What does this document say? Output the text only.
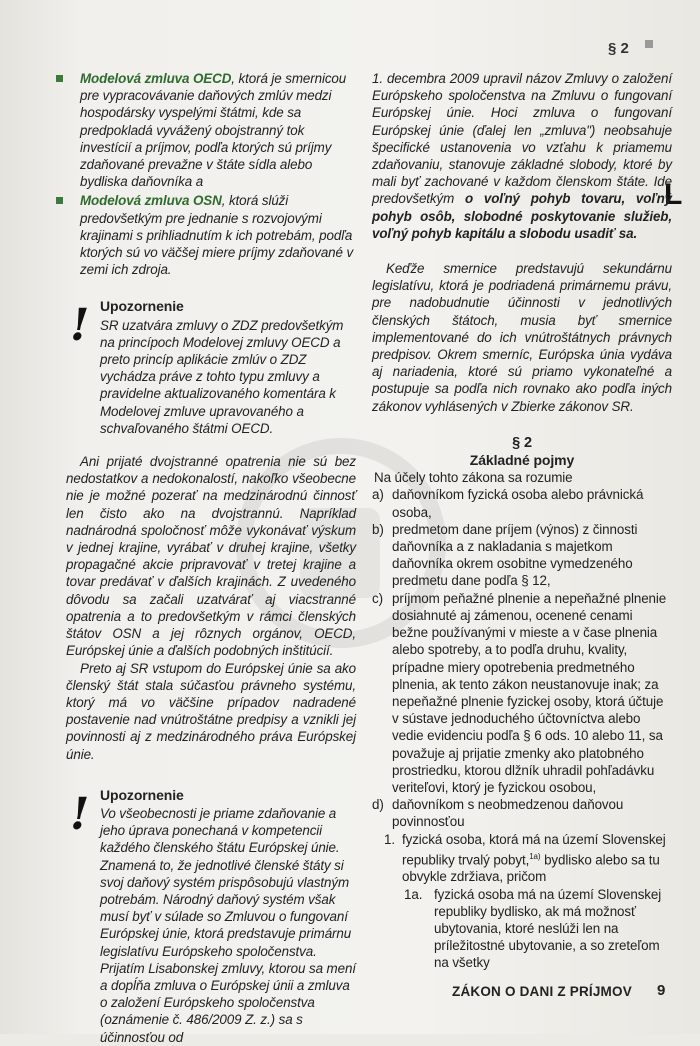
§ 2
L
Modelová zmluva OECD, ktorá je smernicou pre vypracovávanie daňových zmlúv medzi hospodársky vyspelými štátmi, kde sa predpokladá vyvážený obojstranný tok investícií a príjmov, podľa ktorých sú príjmy zdaňované prevažne v štáte sídla alebo bydliska daňovníka a
Modelová zmluva OSN, ktorá slúži predovšetkým pre jednanie s rozvojovými krajinami s prihliadnutím k ich potrebám, podľa ktorých sú vo väčšej miere príjmy zdaňované v zemi ich zdroja.
! Upozornenie
SR uzatvára zmluvy o ZDZ predovšetkým na princípoch Modelovej zmluvy OECD a preto princíp aplikácie zmlúv o ZDZ vychádza práve z tohto typu zmluvy a pravidelne aktualizovaného komentára k Modelovej zmluve upravovaného a schvaľovaného štátmi OECD.
Ani prijaté dvojstranné opatrenia nie sú bez nedostatkov a nedokonalostí, nakoľko všeobecne nie je možné pozerať na medzinárodnú činnosť len čisto ako na dvojstrannú. Napríklad nadnárodná spoločnosť môže vykonávať výskum v jednej krajine, vyrábať v druhej krajine, všetky propagačné akcie pripravovať v tretej krajine a tovar predávať v ďalších krajinách. Z uvedeného dôvodu sa začali uzatvárať aj viacstranné opatrenia a to predovšetkým v rámci členských štátov OSN a jej rôznych orgánov, OECD, Európskej únie a ďalších podobných inštitúcií.
Preto aj SR vstupom do Európskej únie sa ako členský štát stala súčasťou právneho systému, ktorý má vo väčšine prípadov nadradené postavenie nad vnútroštátne predpisy a vznikli jej povinnosti aj z medzinárodného práva Európskej únie.
! Upozornenie
Vo všeobecnosti je priame zdaňovanie a jeho úprava ponechaná v kompetencii každého členského štátu Európskej únie. Znamená to, že jednotlivé členské štáty si svoj daňový systém prispôsobujú vlastným potrebám. Národný daňový systém však musí byť v súlade so Zmluvou o fungovaní Európskej únie, ktorá predstavuje primárnu legislatívu Európskeho spoločenstva. Prijatím Lisabonskej zmluvy, ktorou sa mení a dopĺňa zmluva o Európskej únii a zmluva o založení Európskeho spoločenstva (oznámenie č. 486/2009 Z. z.) sa s účinnosťou od
1. decembra 2009 upravil názov Zmluvy o založení Európskeho spoločenstva na Zmluvu o fungovaní Európskej únie. Hoci zmluva o fungovaní Európskej únie (ďalej len „zmluva") neobsahuje špecifické ustanovenia vo vzťahu k priamemu zdaňovaniu, stanovuje základné slobody, ktoré by mali byť zachované v každom členskom štáte. Ide predovšetkým o voľný pohyb tovaru, voľný pohyb osôb, slobodné poskytovanie služieb, voľný pohyb kapitálu a slobodu usadiť sa.
Keďže smernice predstavujú sekundárnu legislatívu, ktorá je podriadená primárnemu právu, pre nadobudnutie účinnosti v jednotlivých členských štátoch, musia byť smernice implementované do ich vnútroštátnych právnych predpisov. Okrem smerníc, Európska únia vydáva aj nariadenia, ktoré sú priamo vykonateľné a postupuje sa podľa nich rovnako ako podľa iných zákonov vyhlásených v Zbierke zákonov SR.
§ 2
Základné pojmy
Na účely tohto zákona sa rozumie
a) daňovníkom fyzická osoba alebo právnická osoba,
b) predmetom dane príjem (výnos) z činnosti daňovníka a z nakladania s majetkom daňovníka okrem osobitne vymedzeného predmetu dane podľa § 12,
c) príjmom peňažné plnenie a nepeňažné plnenie dosiahnuté aj zámenou, ocenené cenami bežne používanými v mieste a v čase plnenia alebo spotreby, a to podľa druhu, kvality, prípadne miery opotrebenia predmetného plnenia, ak tento zákon neustanovuje inak; za nepeňažné plnenie fyzickej osoby, ktorá účtuje v sústave jednoduchého účtovníctva alebo vedie evidenciu podľa § 6 ods. 10 alebo 11, sa považuje aj prijatie zmenky ako platobného prostriedku, ktorou dlžník uhradil pohľadávku veriteľovi, ktorý je fyzickou osobou,
d) daňovníkom s neobmedzenou daňovou povinnosťou
1. fyzická osoba, ktorá má na území Slovenskej republiky trvalý pobyt,$^{1a)}$ bydlisko alebo sa tu obvykle zdržiava, pričom
1a. fyzická osoba má na území Slovenskej republiky bydlisko, ak má možnosť ubytovania, ktoré neslúži len na príležitostné ubytovanie, a so zreteľom na všetky
ZÁKON O DANI Z PRÍJMOV 9
